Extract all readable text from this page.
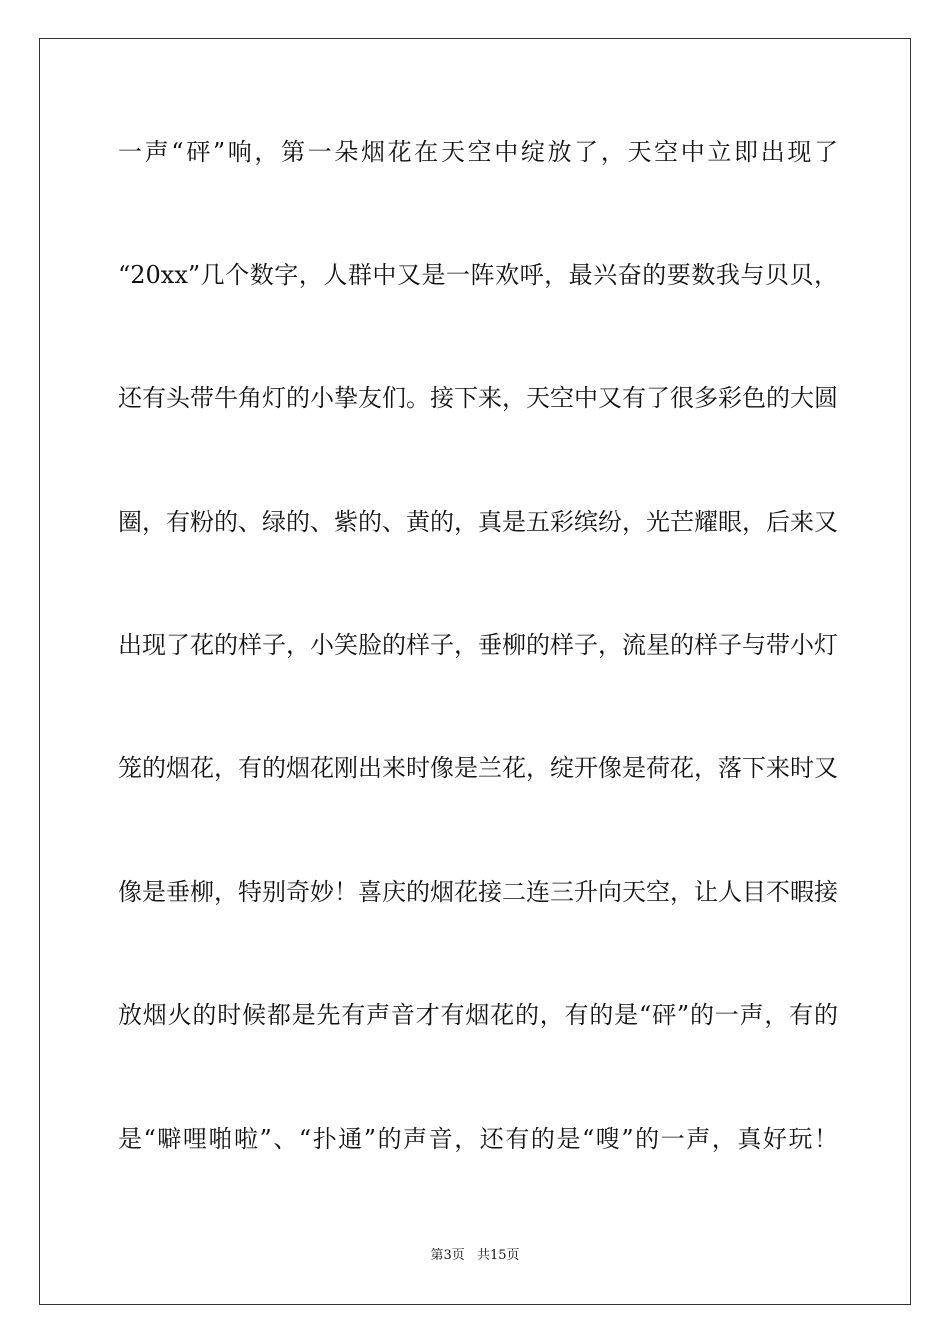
一声“砰”响，第一朵烟花在天空中绽放了，天空中立即出现了
“20xx”几个数字，人群中又是一阵欢呼，最兴奋的要数我与贝贝，
还有头带牛角灯的小挚友们。接下来，天空中又有了很多彩色的大圆
圈，有粉的、绿的、紫的、黄的，真是五彩缤纷，光芒耀眼，后来又
出现了花的样子，小笑脸的样子，垂柳的样子，流星的样子与带小灯
笼的烟花，有的烟花刚出来时像是兰花，绽开像是荷花，落下来时又
像是垂柳，特别奇妙！喜庆的烟花接二连三升向天空，让人目不暇接
放烟火的时候都是先有声音才有烟花的，有的是“砰”的一声，有的
是“噼哩啪啦”、“扑通”的声音，还有的是“嗖”的一声，真好玩！
第3页 共15页
